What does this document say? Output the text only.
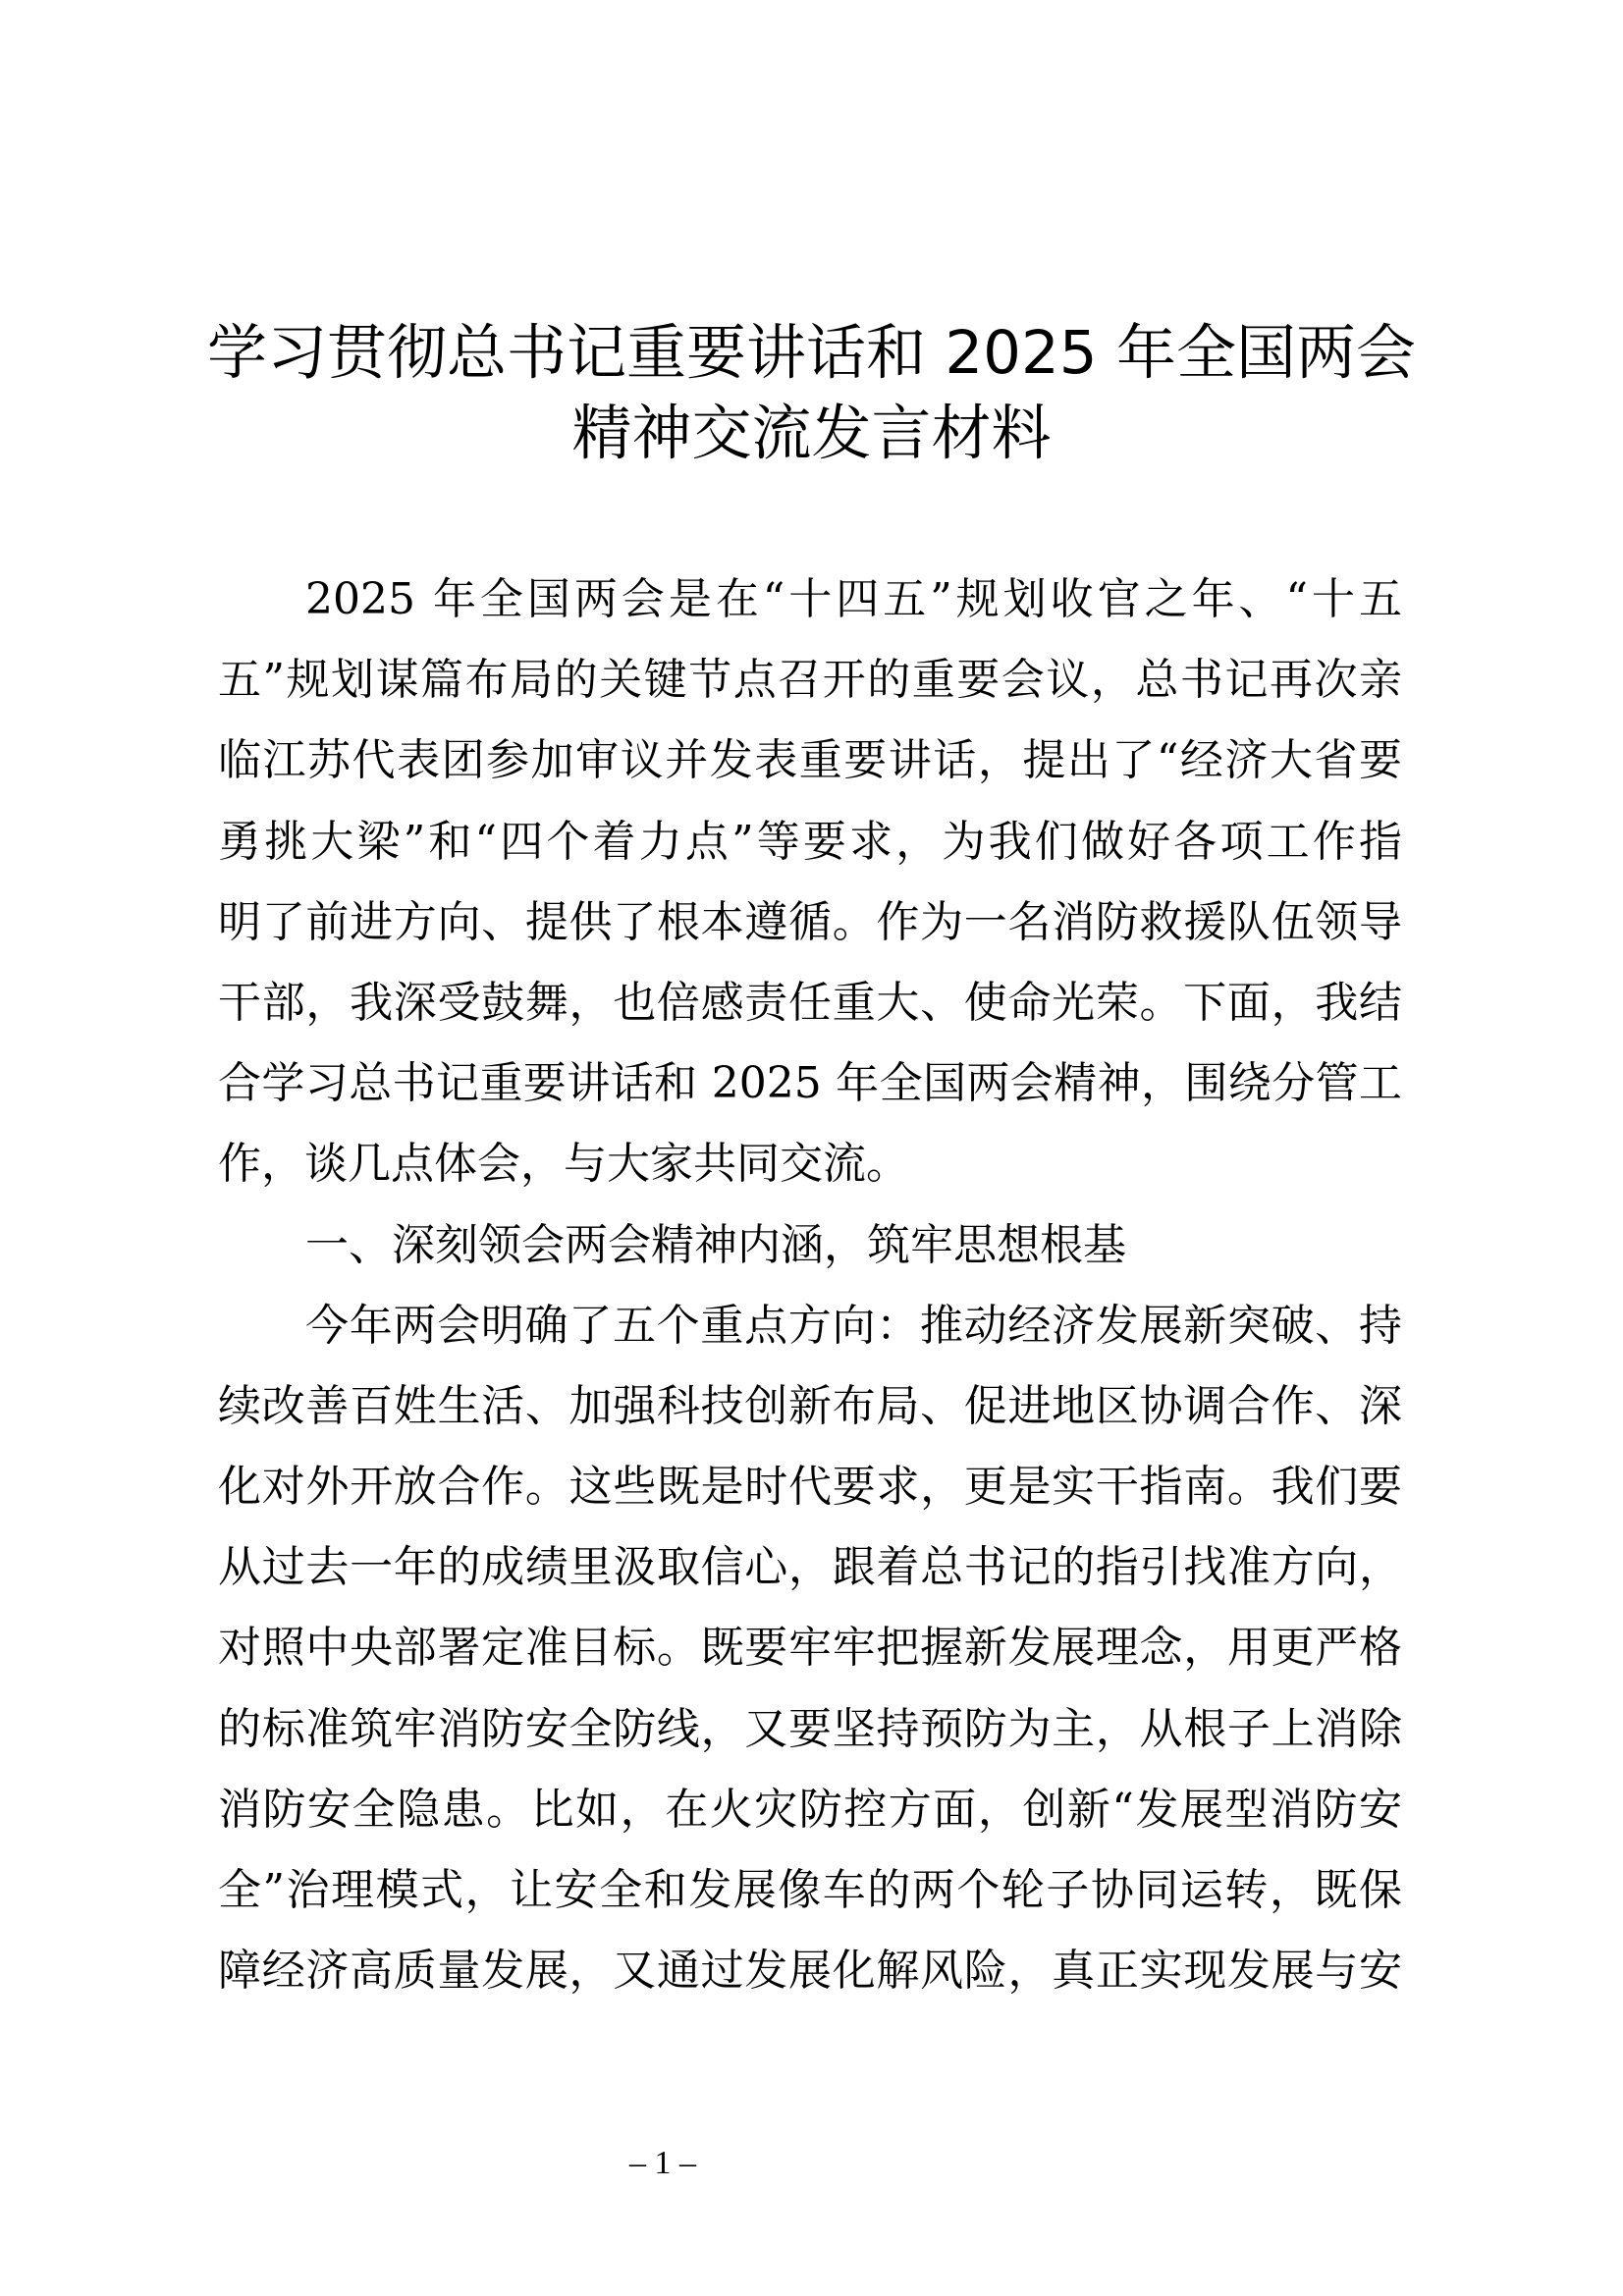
学习贯彻总书记重要讲话和 2025 年全国两会
精神交流发言材料
2025 年全国两会是在“十四五”规划收官之年、“十五
五”规划谋篇布局的关键节点召开的重要会议，总书记再次亲
临江苏代表团参加审议并发表重要讲话，提出了“经济大省要
勇挑大梁”和“四个着力点”等要求，为我们做好各项工作指
明了前进方向、提供了根本遵循。作为一名消防救援队伍领导
干部，我深受鼓舞，也倍感责任重大、使命光荣。下面，我结
合学习总书记重要讲话和 2025 年全国两会精神，围绕分管工
作，谈几点体会，与大家共同交流。
一、深刻领会两会精神内涵，筑牢思想根基
今年两会明确了五个重点方向：推动经济发展新突破、持
续改善百姓生活、加强科技创新布局、促进地区协调合作、深
化对外开放合作。这些既是时代要求，更是实干指南。我们要
从过去一年的成绩里汲取信心，跟着总书记的指引找准方向，
对照中央部署定准目标。既要牢牢把握新发展理念，用更严格
的标准筑牢消防安全防线，又要坚持预防为主，从根子上消除
消防安全隐患。比如，在火灾防控方面，创新“发展型消防安
全”治理模式，让安全和发展像车的两个轮子协同运转，既保
障经济高质量发展，又通过发展化解风险，真正实现发展与安
– 1 –
